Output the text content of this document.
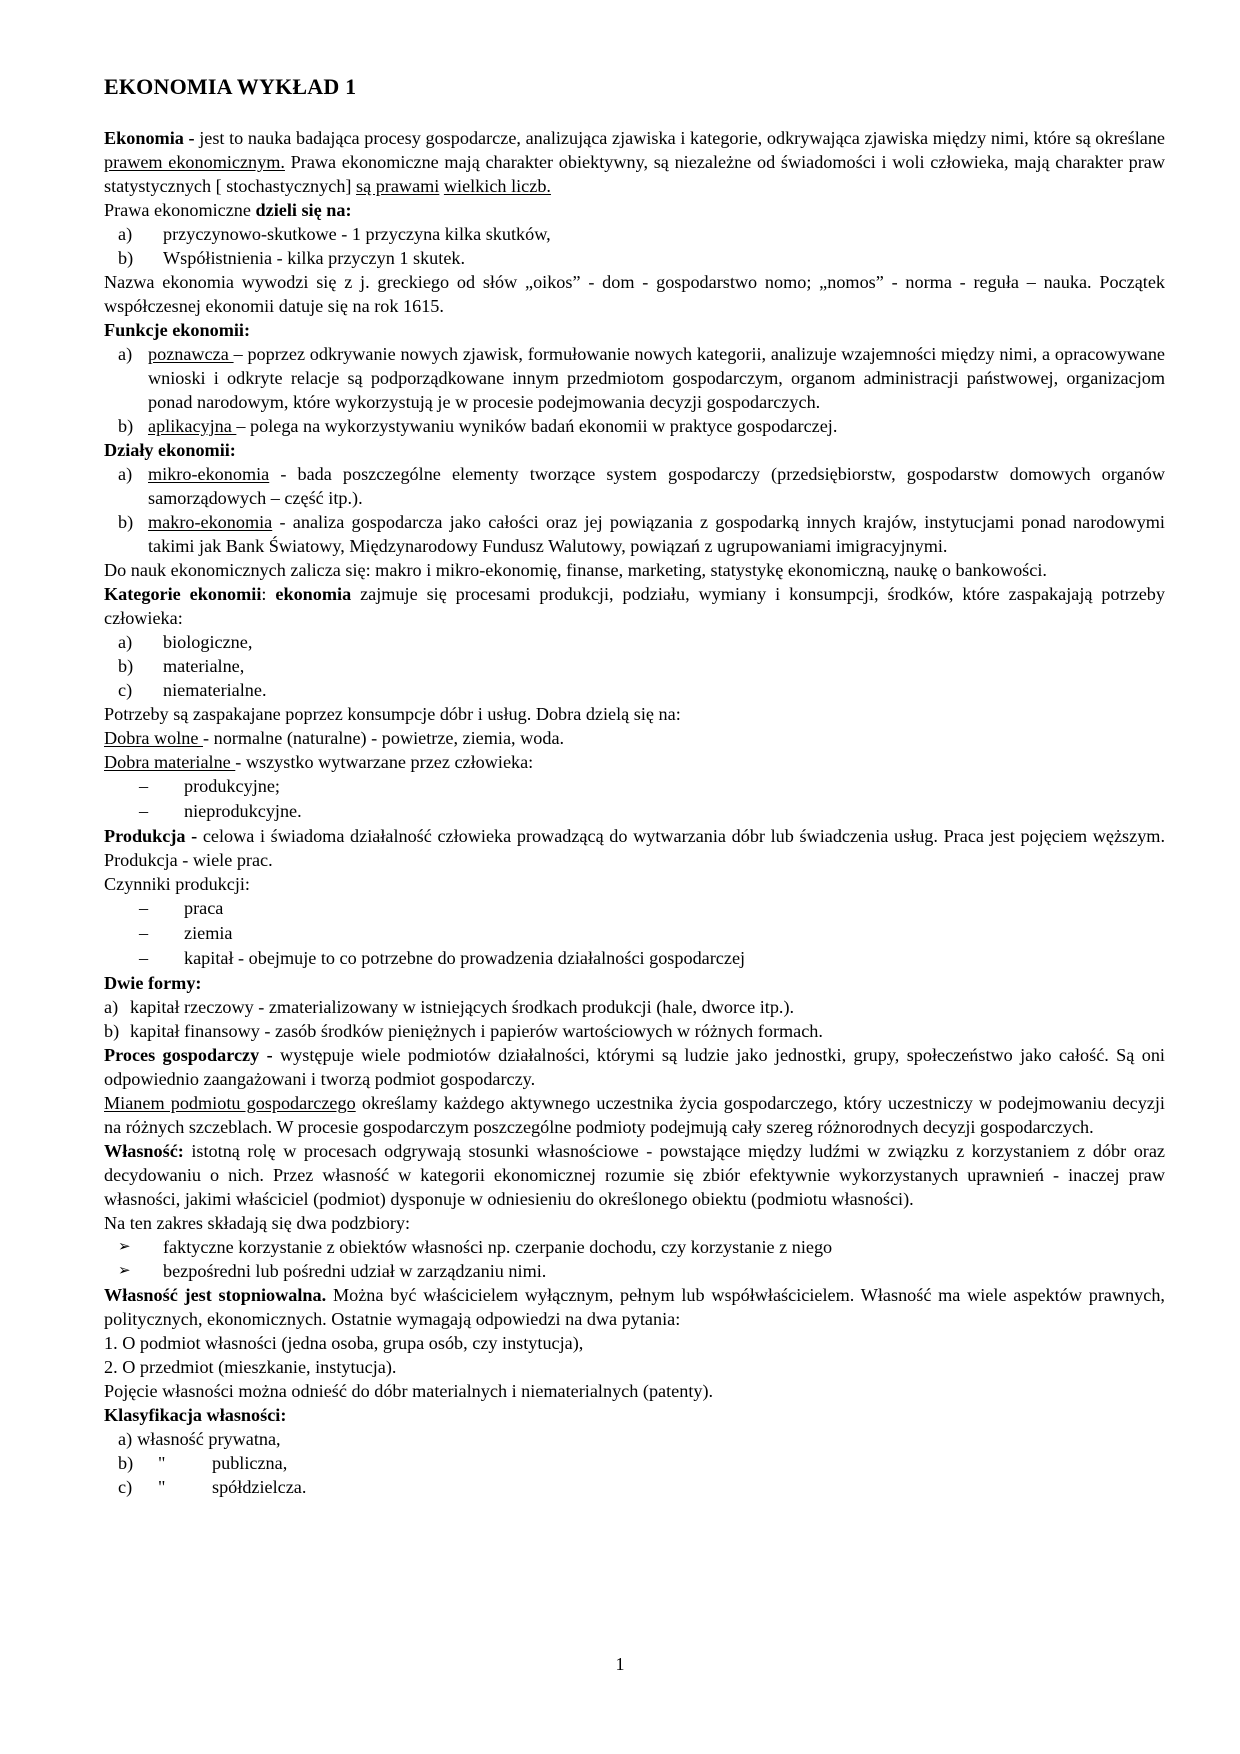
EKONOMIA WYKŁAD 1

Ekonomia - jest to nauka badająca procesy gospodarcze, analizująca zjawiska i kategorie, odkrywająca zjawiska między nimi, które są określane prawem ekonomicznym. Prawa ekonomiczne mają charakter obiektywny, są niezależne od świadomości i woli człowieka, mają charakter praw statystycznych [ stochastycznych] są prawami wielkich liczb.

Prawa ekonomiczne dzieli się na:

a)	przyczynowo-skutkowe - 1 przyczyna kilka skutków,
b)	Współistnienia - kilka przyczyn 1 skutek.

Nazwa ekonomia wywodzi się z j. greckiego od słów „oikos” - dom - gospodarstwo nomo; „nomos” - norma - reguła – nauka. Początek współczesnej ekonomii datuje się na rok 1615.

Funkcje ekonomii:

a) poznawcza – poprzez odkrywanie nowych zjawisk, formułowanie nowych kategorii, analizuje wzajemności między nimi, a opracowywane wnioski i odkryte relacje są podporządkowane innym przedmiotom gospodarczym, organom administracji państwowej, organizacjom ponad narodowym, które wykorzystują je w procesie podejmowania decyzji gospodarczych.
b) aplikacyjna – polega na wykorzystywaniu wyników badań ekonomii w praktyce gospodarczej.

Działy ekonomii:

a) mikro-ekonomia - bada poszczególne elementy tworzące system gospodarczy (przedsiębiorstw, gospodarstw domowych organów samorządowych – część itp.).
b) makro-ekonomia - analiza gospodarcza jako całości oraz jej powiązania z gospodarką innych krajów, instytucjami ponad narodowymi takimi jak Bank Światowy, Międzynarodowy Fundusz Walutowy, powiązań z ugrupowaniami imigracyjnymi.

Do nauk ekonomicznych zalicza się: makro i mikro-ekonomię, finanse, marketing, statystykę ekonomiczną, naukę o bankowości.

Kategorie ekonomii: ekonomia zajmuje się procesami produkcji, podziału, wymiany i konsumpcji, środków, które zaspakajają potrzeby człowieka:

a)	biologiczne,
b)	materialne,
c)	niematerialne.

Potrzeby są zaspakajane poprzez konsumpcje dóbr i usług. Dobra dzielą się na:

Dobra wolne - normalne (naturalne) - powietrze, ziemia, woda.

Dobra materialne - wszystko wytwarzane przez człowieka:

–	produkcyjne;
–	nieprodukcyjne.

Produkcja - celowa i świadoma działalność człowieka prowadzącą do wytwarzania dóbr lub świadczenia usług. Praca jest pojęciem węższym. Produkcja - wiele prac.

Czynniki produkcji:

–	praca
–	ziemia
–	kapitał - obejmuje to co potrzebne do prowadzenia działalności gospodarczej

Dwie formy:

a) kapitał rzeczowy - zmaterializowany w istniejących środkach produkcji (hale, dworce itp.).
b) kapitał finansowy - zasób środków pieniężnych i papierów wartościowych w różnych formach.

Proces gospodarczy - występuje wiele podmiotów działalności, którymi są ludzie jako jednostki, grupy, społeczeństwo jako całość. Są oni odpowiednio zaangażowani i tworzą podmiot gospodarczy.

Mianem podmiotu gospodarczego określamy każdego aktywnego uczestnika życia gospodarczego, który uczestniczy w podejmowaniu decyzji na różnych szczeblach. W procesie gospodarczym poszczególne podmioty podejmują cały szereg różnorodnych decyzji gospodarczych.

Własność: istotną rolę w procesach odgrywają stosunki własnościowe - powstające między ludźmi w związku z korzystaniem z dóbr oraz decydowaniu o nich. Przez własność w kategorii ekonomicznej rozumie się zbiór efektywnie wykorzystanych uprawnień - inaczej praw własności, jakimi właściciel (podmiot) dysponuje w odniesieniu do określonego obiektu (podmiotu własności).

Na ten zakres składają się dwa podzbiory:

➢	faktyczne korzystanie z obiektów własności np. czerpanie dochodu, czy korzystanie z niego
➢	bezpośredni lub pośredni udział w zarządzaniu nimi.

Własność jest stopniowalna. Można być właścicielem wyłącznym, pełnym lub współwłaścicielem. Własność ma wiele aspektów prawnych, politycznych, ekonomicznych. Ostatnie wymagają odpowiedzi na dwa pytania:

1. O podmiot własności (jedna osoba, grupa osób, czy instytucja),

2. O przedmiot (mieszkanie, instytucja).

Pojęcie własności można odnieść do dóbr materialnych i niematerialnych (patenty).

Klasyfikacja własności:

a) własność prywatna,
b)	"	publiczna,
c)	"	spółdzielcza.
1
